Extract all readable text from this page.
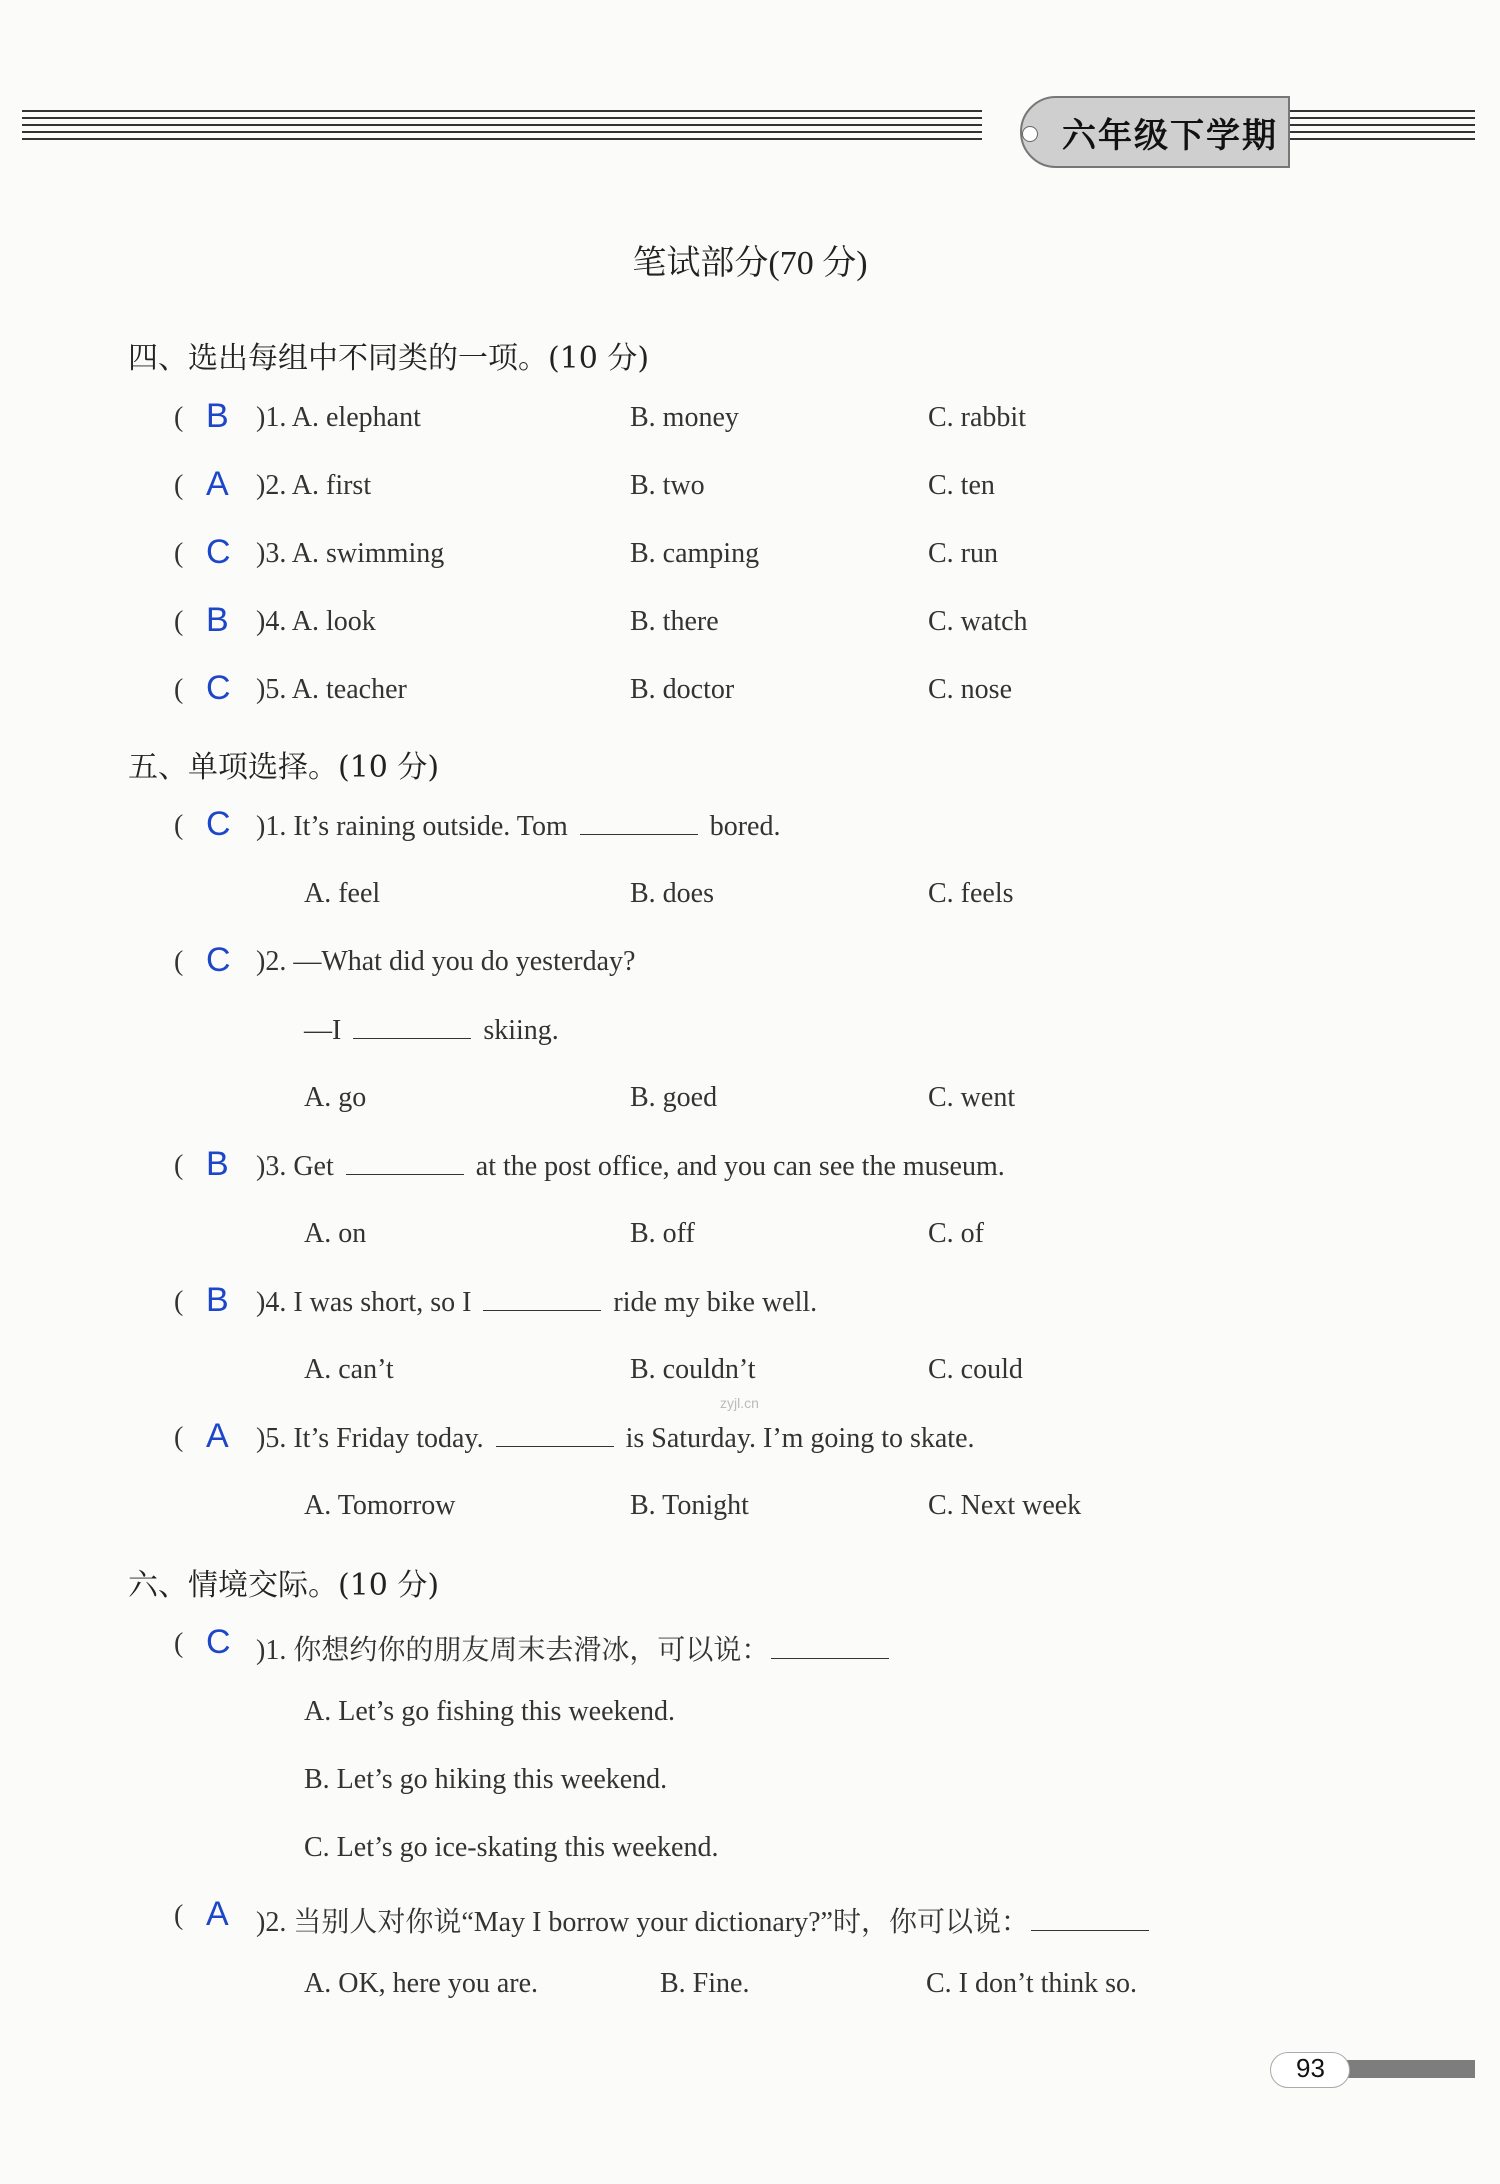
六年级下学期
笔试部分(70 分)
四、选出每组中不同类的一项。(10 分)
( B )1. A. elephant	B. money	C. rabbit
( A )2. A. first	B. two	C. ten
( C )3. A. swimming	B. camping	C. run
( B )4. A. look	B. there	C. watch
( C )5. A. teacher	B. doctor	C. nose
五、单项选择。(10 分)
( C )1. It’s raining outside. Tom	bored.
A. feel	B. does	C. feels
( C )2. —What did you do yesterday?
—I	skiing.
A. go	B. goed	C. went
( B )3. Get	at the post office, and you can see the museum.
A. on	B. off	C. of
( B )4. I was short, so I	ride my bike well.
A. can’t	B. couldn’t	C. could
zyjl.cn
( A )5. It’s Friday today.	is Saturday. I’m going to skate.
A. Tomorrow	B. Tonight	C. Next week
六、情境交际。(10 分)
( C )1. 你想约你的朋友周末去滑冰，可以说：
A. Let’s go fishing this weekend.
B. Let’s go hiking this weekend.
C. Let’s go ice-skating this weekend.
( A )2. 当别人对你说“May I borrow your dictionary?”时，你可以说：
A. OK, here you are.	B. Fine.	C. I don’t think so.
93
